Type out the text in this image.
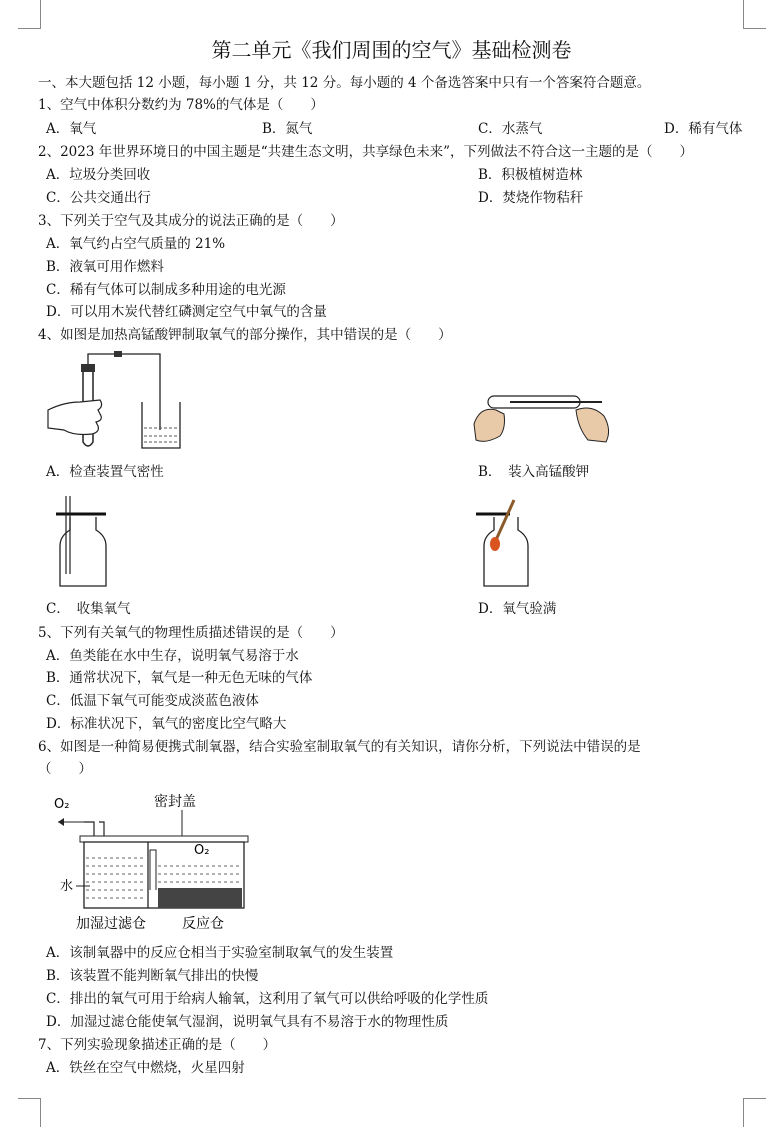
第二单元《我们周围的空气》基础检测卷
一、本大题包括 12 小题，每小题 1 分，共 12 分。每小题的 4 个备选答案中只有一个答案符合题意。
1、空气中体积分数约为 78%的气体是（　　）
A．氧气	B．氮气	C．水蒸气	D．稀有气体
2、2023 年世界环境日的中国主题是“共建生态文明，共享绿色未来”，下列做法不符合这一主题的是（　　）
A．垃圾分类回收	B．积极植树造林
C．公共交通出行	D．焚烧作物秸秆
3、下列关于空气及其成分的说法正确的是（　　）
A．氧气约占空气质量的 21%
B．液氧可用作燃料
C．稀有气体可以制成多种用途的电光源
D．可以用木炭代替红磷测定空气中氧气的含量
4、如图是加热高锰酸钾制取氧气的部分操作，其中错误的是（　　）
A．检查装置气密性	B．　装入高锰酸钾
C．　收集氧气	D．氧气验满
5、下列有关氧气的物理性质描述错误的是（　　）
A．鱼类能在水中生存，说明氧气易溶于水
B．通常状况下，氧气是一种无色无味的气体
C．低温下氧气可能变成淡蓝色液体
D．标准状况下，氧气的密度比空气略大
6、如图是一种简易便携式制氧器，结合实验室制取氧气的有关知识，请你分析，下列说法中错误的是
（　　）
O₂	密封盖
O₂
水
加湿过滤仓	反应仓
A．该制氧器中的反应仓相当于实验室制取氧气的发生装置
B．该装置不能判断氧气排出的快慢
C．排出的氧气可用于给病人输氧，这利用了氧气可以供给呼吸的化学性质
D．加湿过滤仓能使氧气湿润，说明氧气具有不易溶于水的物理性质
7、下列实验现象描述正确的是（　　）
A．铁丝在空气中燃烧，火星四射
